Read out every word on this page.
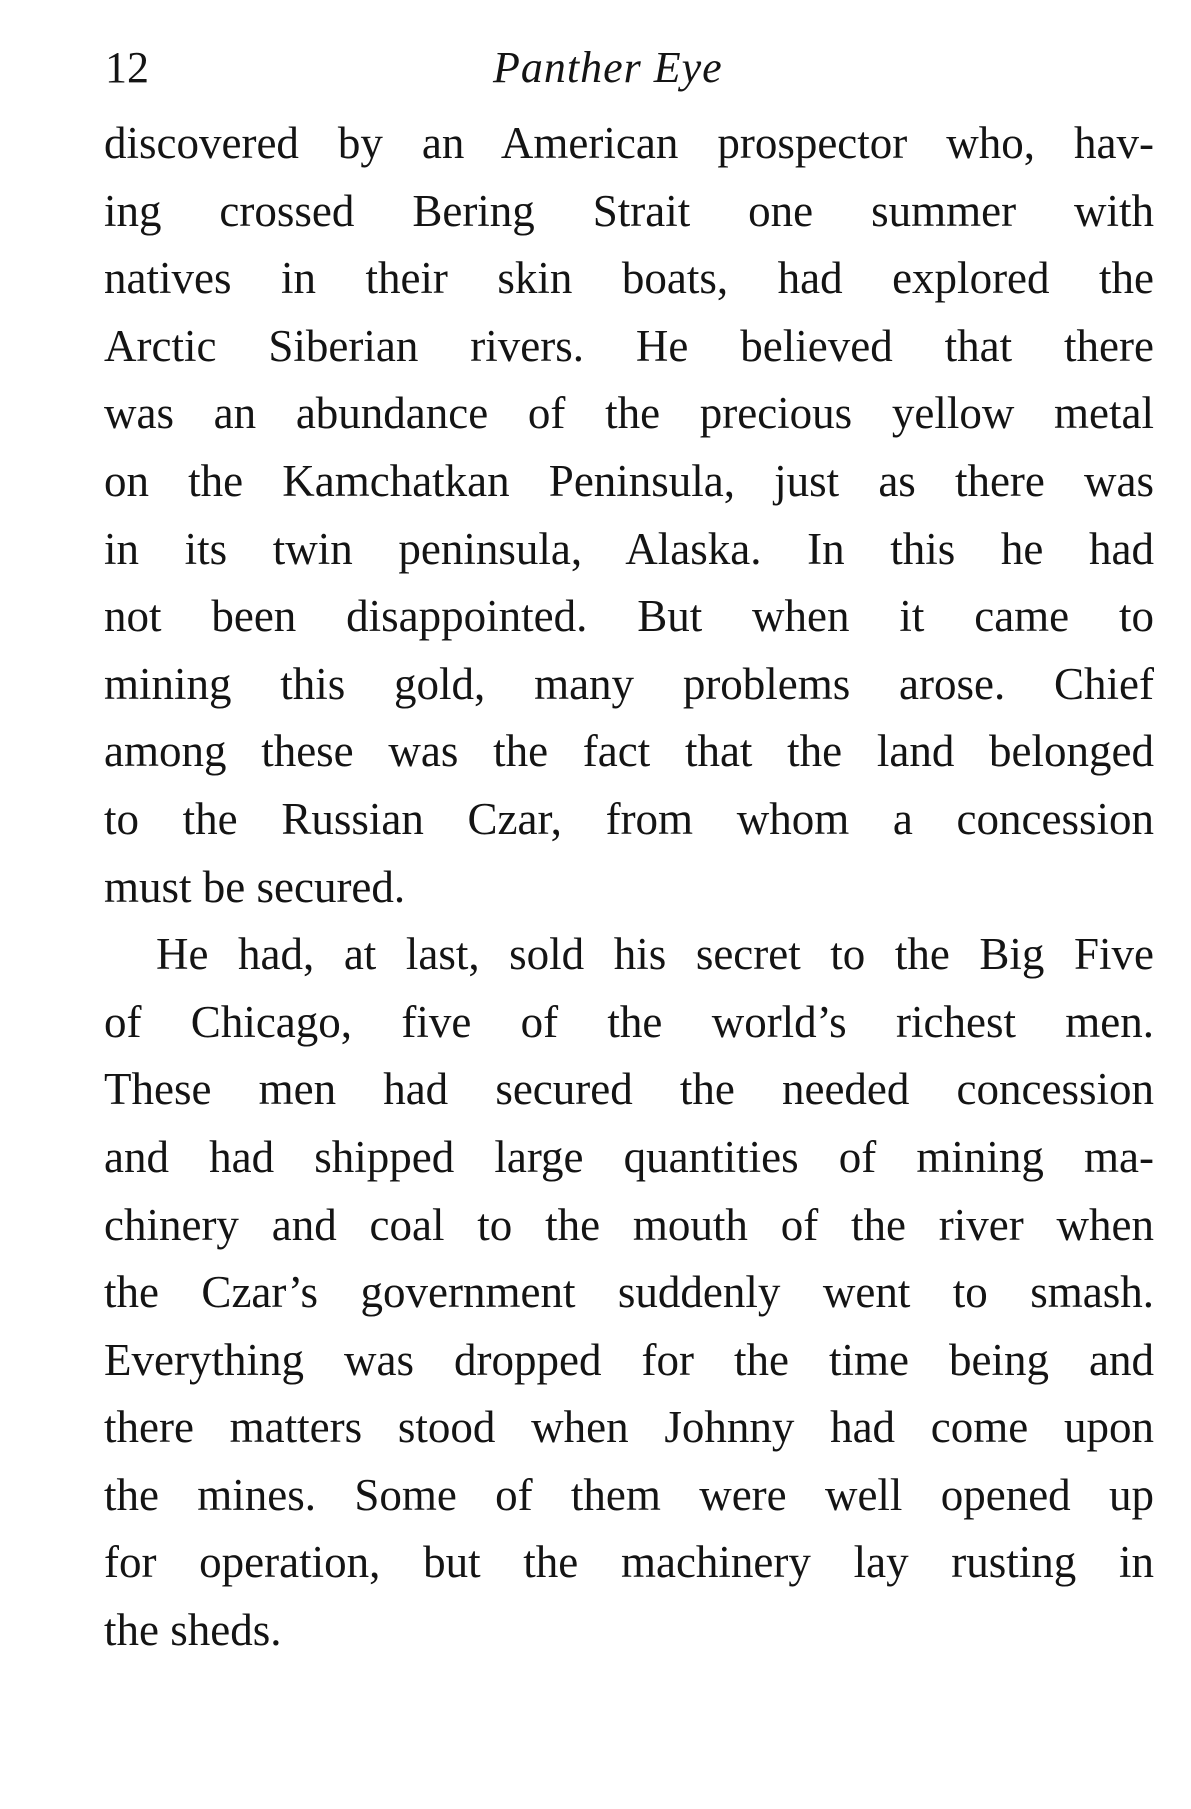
12	Panther Eye
discovered by an American prospector who, hav-
ing crossed Bering Strait one summer with
natives in their skin boats, had explored the
Arctic Siberian rivers. He believed that there
was an abundance of the precious yellow metal
on the Kamchatkan Peninsula, just as there was
in its twin peninsula, Alaska. In this he had
not been disappointed. But when it came to
mining this gold, many problems arose. Chief
among these was the fact that the land belonged
to the Russian Czar, from whom a concession
must be secured.
He had, at last, sold his secret to the Big Five
of Chicago, five of the world’s richest men.
These men had secured the needed concession
and had shipped large quantities of mining ma-
chinery and coal to the mouth of the river when
the Czar’s government suddenly went to smash.
Everything was dropped for the time being and
there matters stood when Johnny had come upon
the mines. Some of them were well opened up
for operation, but the machinery lay rusting in
the sheds.
